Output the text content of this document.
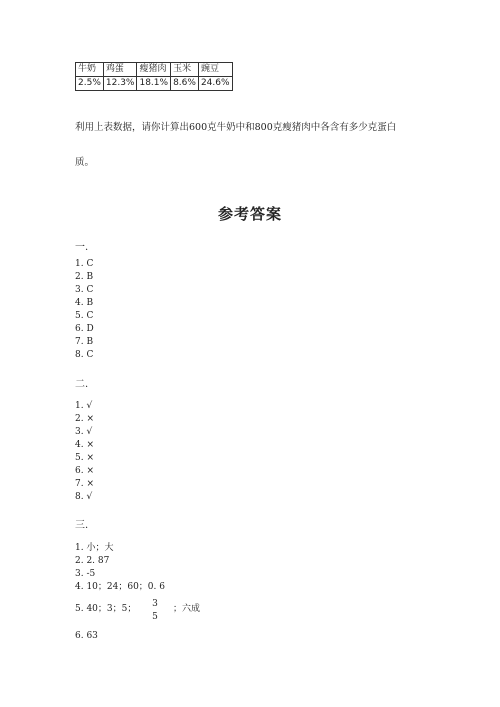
牛奶	鸡蛋	瘦猪肉	玉米	豌豆
2.5%	12.3%	18.1%	8.6%	24.6%
利用上表数据，请你计算出600克牛奶中和800克瘦猪肉中各含有多少克蛋白
质。
参考答案
一.
1. C
2. B
3. C
4. B
5. C
6. D
7. B
8. C
二.
1. √
2. ×
3. √
4. ×
5. ×
6. ×
7. ×
8. √
三.
1. 小；大
2. 2. 87
3. -5
4. 10；24；60；0. 6
5. 40；3；5； 3
5
；六成
6. 63
